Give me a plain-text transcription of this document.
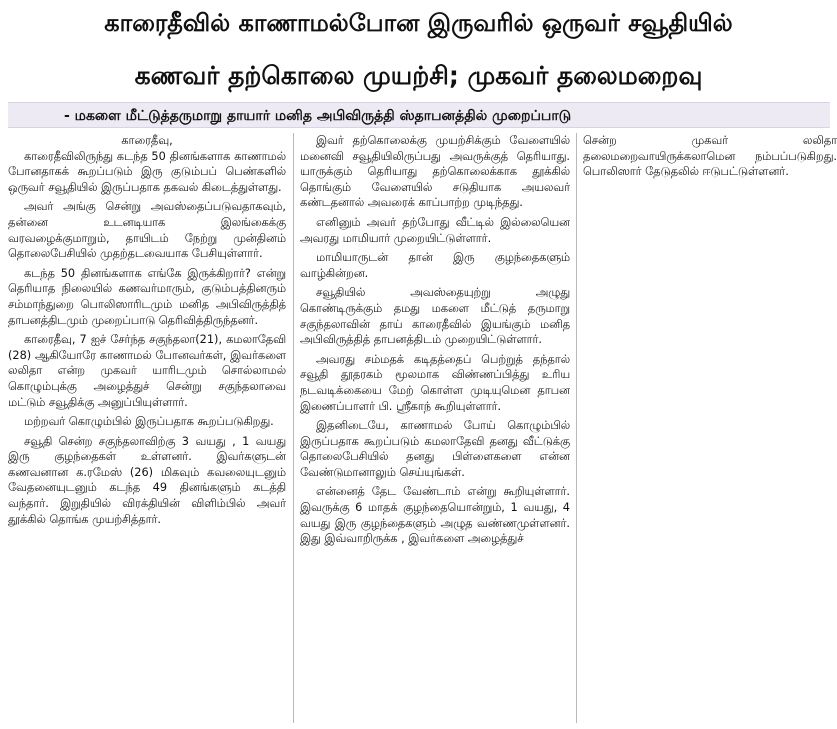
காரைதீவில் காணாமல்போன இருவரில் ஒருவர் சவூதியில்
கணவர் தற்கொலை முயற்சி; முகவர் தலைமறைவு
- மகளை மீட்டுத்தருமாறு தாயார் மனித அபிவிருத்தி ஸ்தாபனத்தில் முறைப்பாடு

காரைதீவு,

காரைதீவிலிருந்து கடந்த 50 தினங்களாக காணாமல் போனதாகக் கூறப்படும் இரு குடும்பப் பெண்களில் ஒருவர் சவூதியில் இருப்பதாக தகவல் கிடைத்துள்ளது.

அவர் அங்கு சென்று அவஸ்தைப்படுவதாகவும், தன்னை உடனடியாக இலங்கைக்கு வரவழைக்குமாறும், தாயிடம் நேற்று முன்தினம் தொலைபேசியில் முதற்தடவையாக பேசியுள்ளார்.

கடந்த 50 தினங்களாக எங்கே இருக்கிறார்? என்று தெரியாத நிலையில் கணவர்மாரும், குடும்பத்தினரும் சம்மாந்துறை பொலிஸாரிடமும் மனித அபிவிருத்தித் தாபனத்திடமும் முறைப்பாடு தெரிவித்திருந்தனர்.

காரைதீவு, 7 ஐச் சேர்ந்த சகுந்தலா(21), கமலாதேவி (28) ஆகியோரே காணாமல் போனவர்கள், இவர்களை லலிதா என்ற முகவர் யாரிடமும் சொல்லாமல் கொழும்புக்கு அழைத்துச் சென்று சகுந்தலாவை மட்டும் சவூதிக்கு அனுப்பியுள்ளார்.

மற்றவர் கொழும்பில் இருப்பதாக கூறப்படுகிறது.

சவூதி சென்ற சகுந்தலாவிற்கு 3 வயது , 1 வயது இரு குழந்தைகள் உள்ளனர். இவர்களுடன் கணவனான க.ரமேஸ் (26) மிகவும் கவலையுடனும் வேதனையுடனும் கடந்த 49 தினங்களும் கடத்தி வந்தார். இறுதியில் விரக்தியின் விளிம்பில் அவர் தூக்கில் தொங்க முயற்சித்தார்.

இவர் தற்கொலைக்கு முயற்சிக்கும் வேளையில் மனைவி சவூதியிலிருப்பது அவருக்குத் தெரியாது. யாருக்கும் தெரியாது தற்கொலைக்காக தூக்கில் தொங்கும் வேளையில் சடுதியாக அயலவர் கண்டதனால் அவரைக் காப்பாற்ற முடிந்தது.

எனினும் அவர் தற்போது வீட்டில் இல்லையென அவரது மாமியார் முறையிட்டுள்ளார்.

மாமியாருடன் தான் இரு குழந்தைகளும் வாழ்கின்றன.

சவூதியில் அவஸ்தையுற்று அழுது கொண்டிருக்கும் தமது மகளை மீட்டுத் தருமாறு சகுந்தலாவின் தாய் காரைதீவில் இயங்கும் மனித அபிவிருத்தித் தாபனத்திடம் முறையிட்டுள்ளார்.

அவரது சம்மதக் கடிதத்தைப் பெற்றுத் தந்தால் சவூதி தூதரகம் மூலமாக விண்ணப்பித்து உரிய நடவடிக்கையை மேற் கொள்ள முடியுமென தாபன இணைப்பாளர் பி. ஸ்ரீகாந் கூறியுள்ளார்.

இதனிடையே, காணாமல் போய் கொழும்பில் இருப்பதாக கூறப்படும் கமலாதேவி தனது வீட்டுக்கு தொலைபேசியில் தனது பிள்ளைகளை என்ன வேண்டுமானாலும் செய்யுங்கள்.

என்னைத் தேட வேண்டாம் என்று கூறியுள்ளார். இவருக்கு 6 மாதக் குழந்தையொன்றும், 1 வயது, 4 வயது இரு குழந்தைகளும் அழுத வண்ணமுள்ளனர். இது இவ்வாறிருக்க , இவர்களை அழைத்துச்

சென்ற முகவர் லலிதா தலைமறைவாயிருக்கலாமென நம்பப்படுகிறது. பொலிஸார் தேடுதலில் ஈடுபட்டுள்ளனர்.
